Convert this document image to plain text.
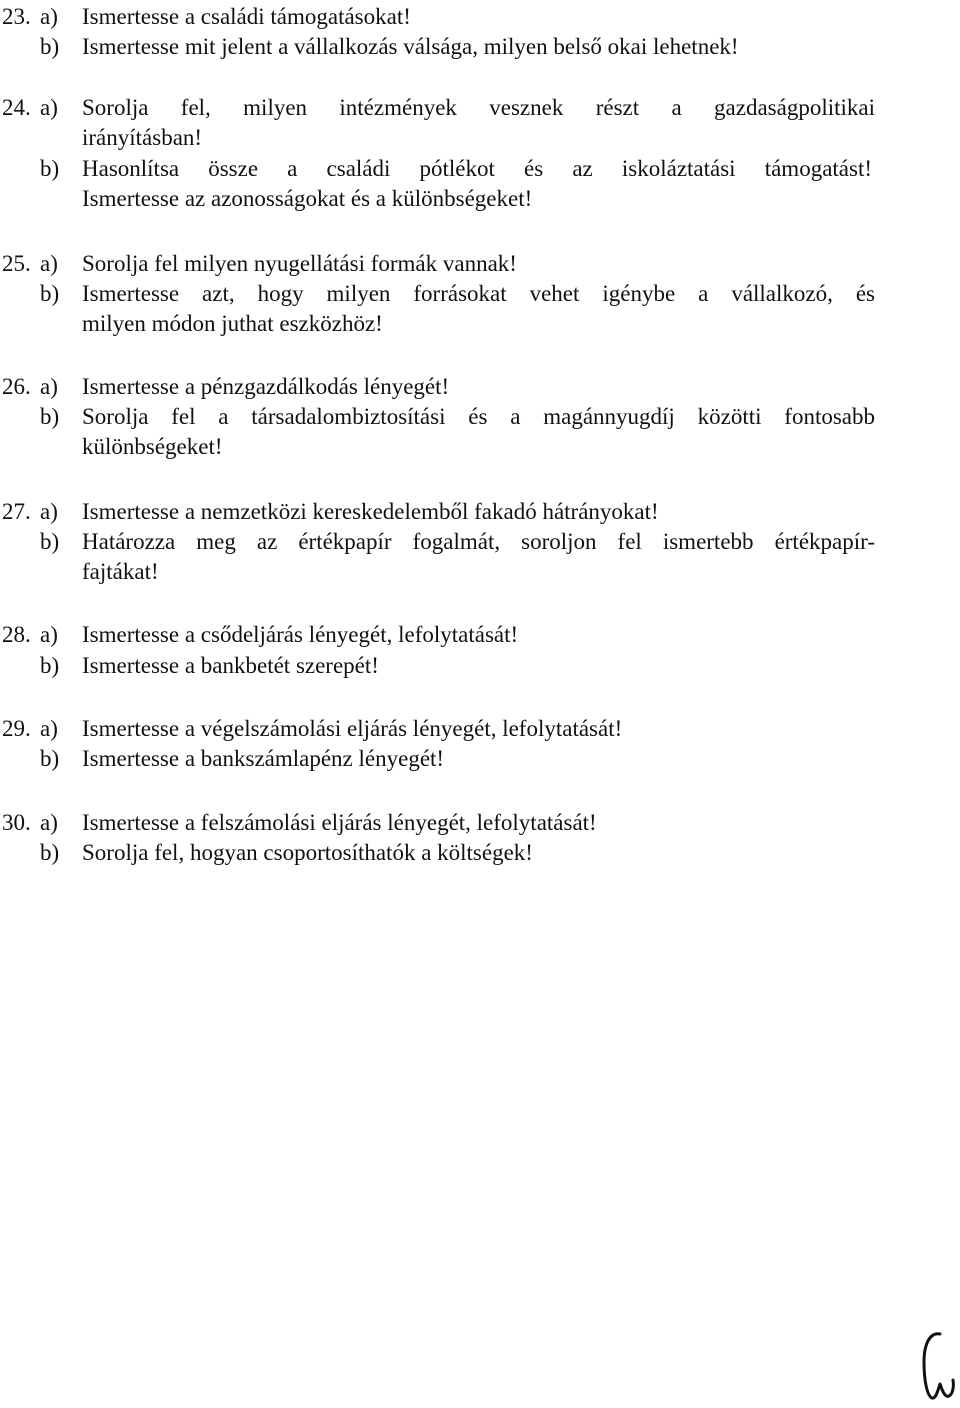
23. a) Ismertesse a családi támogatásokat!
b) Ismertesse mit jelent a vállalkozás válsága, milyen belső okai lehetnek!
24. a) Sorolja fel, milyen intézmények vesznek részt a gazdaságpolitikai
irányításban!
b) Hasonlítsa össze a családi pótlékot és az iskoláztatási támogatást!
Ismertesse az azonosságokat és a különbségeket!
25. a) Sorolja fel milyen nyugellátási formák vannak!
b) Ismertesse azt, hogy milyen forrásokat vehet igénybe a vállalkozó, és
milyen módon juthat eszközhöz!
26. a) Ismertesse a pénzgazdálkodás lényegét!
b) Sorolja fel a társadalombiztosítási és a magánnyugdíj közötti fontosabb
különbségeket!
27. a) Ismertesse a nemzetközi kereskedelemből fakadó hátrányokat!
b) Határozza meg az értékpapír fogalmát, soroljon fel ismertebb értékpapír-
fajtákat!
28. a) Ismertesse a csődeljárás lényegét, lefolytatását!
b) Ismertesse a bankbetét szerepét!
29. a) Ismertesse a végelszámolási eljárás lényegét, lefolytatását!
b) Ismertesse a bankszámlapénz lényegét!
30. a) Ismertesse a felszámolási eljárás lényegét, lefolytatását!
b) Sorolja fel, hogyan csoportosíthatók a költségek!
